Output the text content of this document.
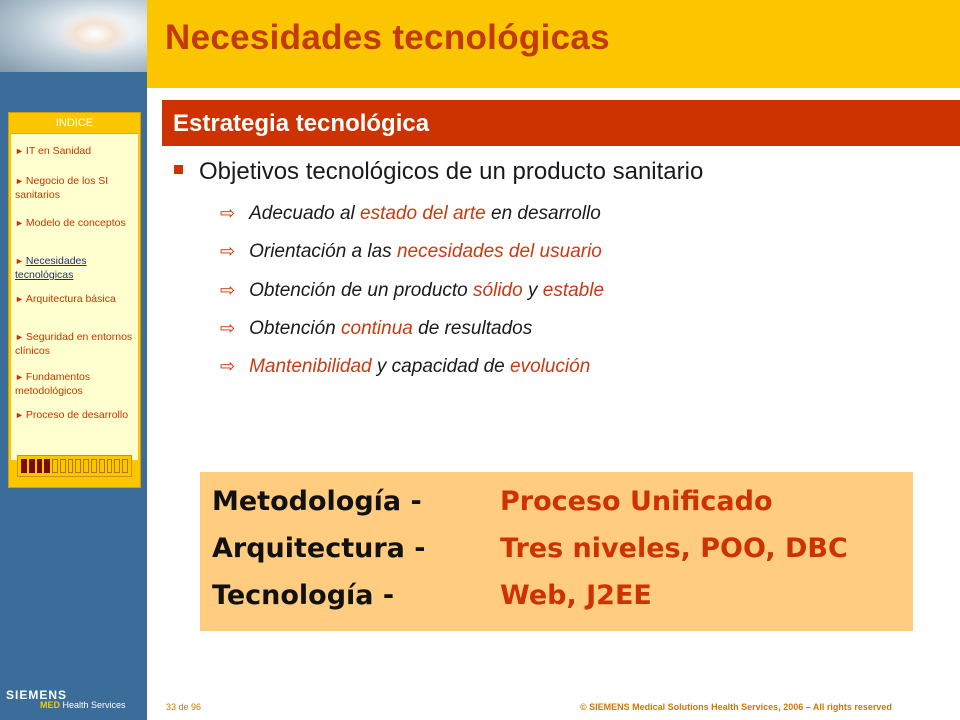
Necesidades tecnológicas
INDICE
► IT en Sanidad
► Negocio de los SI sanitarios
► Modelo de conceptos
► Necesidades tecnológicas
► Arquitectura básica
► Seguridad en entornos clínicos
► Fundamentos metodológicos
► Proceso de desarrollo
Estrategia tecnológica
Objetivos tecnológicos de un producto sanitario
⇨ Adecuado al estado del arte en desarrollo
⇨ Orientación a las necesidades del usuario
⇨ Obtención de un producto sólido y estable
⇨ Obtención continua de resultados
⇨ Mantenibilidad y capacidad de evolución
Metodología -	Proceso Unificado
Arquitectura -	Tres niveles, POO, DBC
Tecnología -	Web, J2EE
SIEMENS
MED Health Services	33 de 96	© SIEMENS Medical Solutions Health Services, 2006 – All rights reserved
